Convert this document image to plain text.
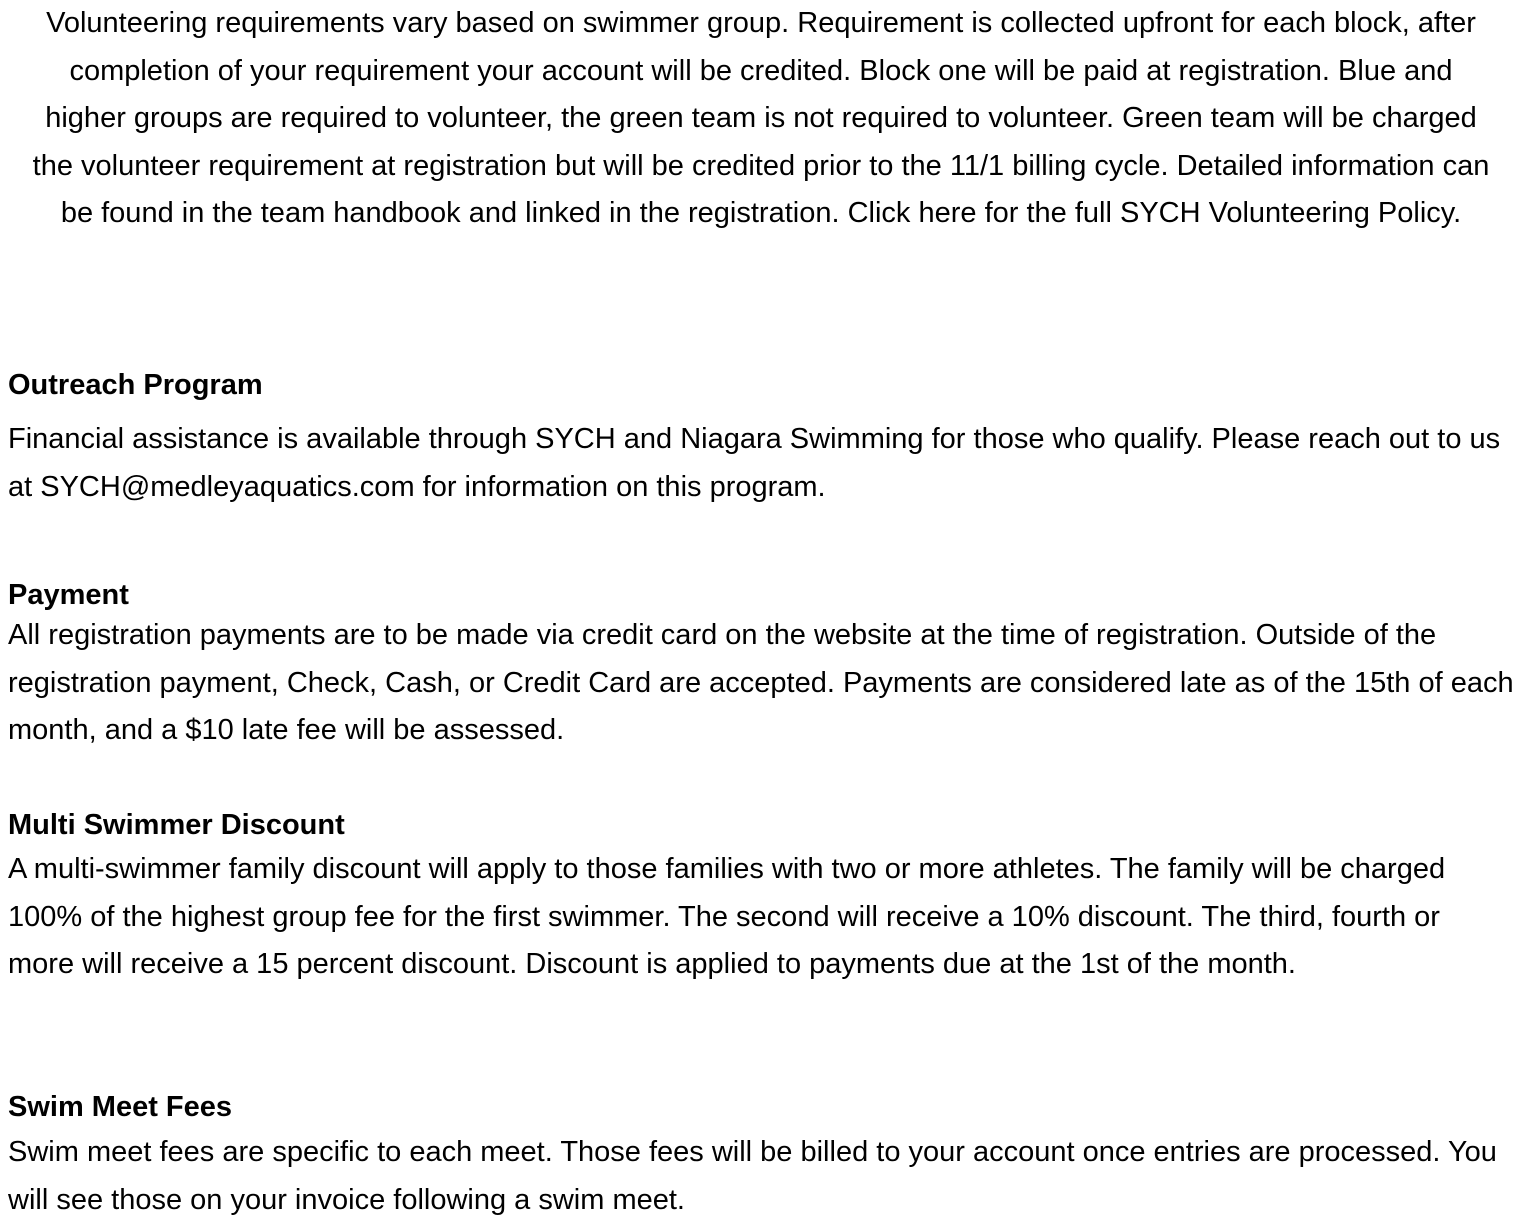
Volunteering requirements vary based on swimmer group. Requirement is collected upfront for each block, after completion of your requirement your account will be credited. Block one will be paid at registration. Blue and higher groups are required to volunteer, the green team is not required to volunteer. Green team will be charged the volunteer requirement at registration but will be credited prior to the 11/1 billing cycle. Detailed information can be found in the team handbook and linked in the registration. Click here for the full SYCH Volunteering Policy.

Outreach Program

Financial assistance is available through SYCH and Niagara Swimming for those who qualify. Please reach out to us at SYCH@medleyaquatics.com for information on this program.

Payment

All registration payments are to be made via credit card on the website at the time of registration. Outside of the registration payment, Check, Cash, or Credit Card are accepted. Payments are considered late as of the 15th of each month, and a $10 late fee will be assessed.

Multi Swimmer Discount

A multi-swimmer family discount will apply to those families with two or more athletes. The family will be charged 100% of the highest group fee for the first swimmer. The second will receive a 10% discount. The third, fourth or more will receive a 15 percent discount. Discount is applied to payments due at the 1st of the month.

Swim Meet Fees

Swim meet fees are specific to each meet. Those fees will be billed to your account once entries are processed. You will see those on your invoice following a swim meet.
